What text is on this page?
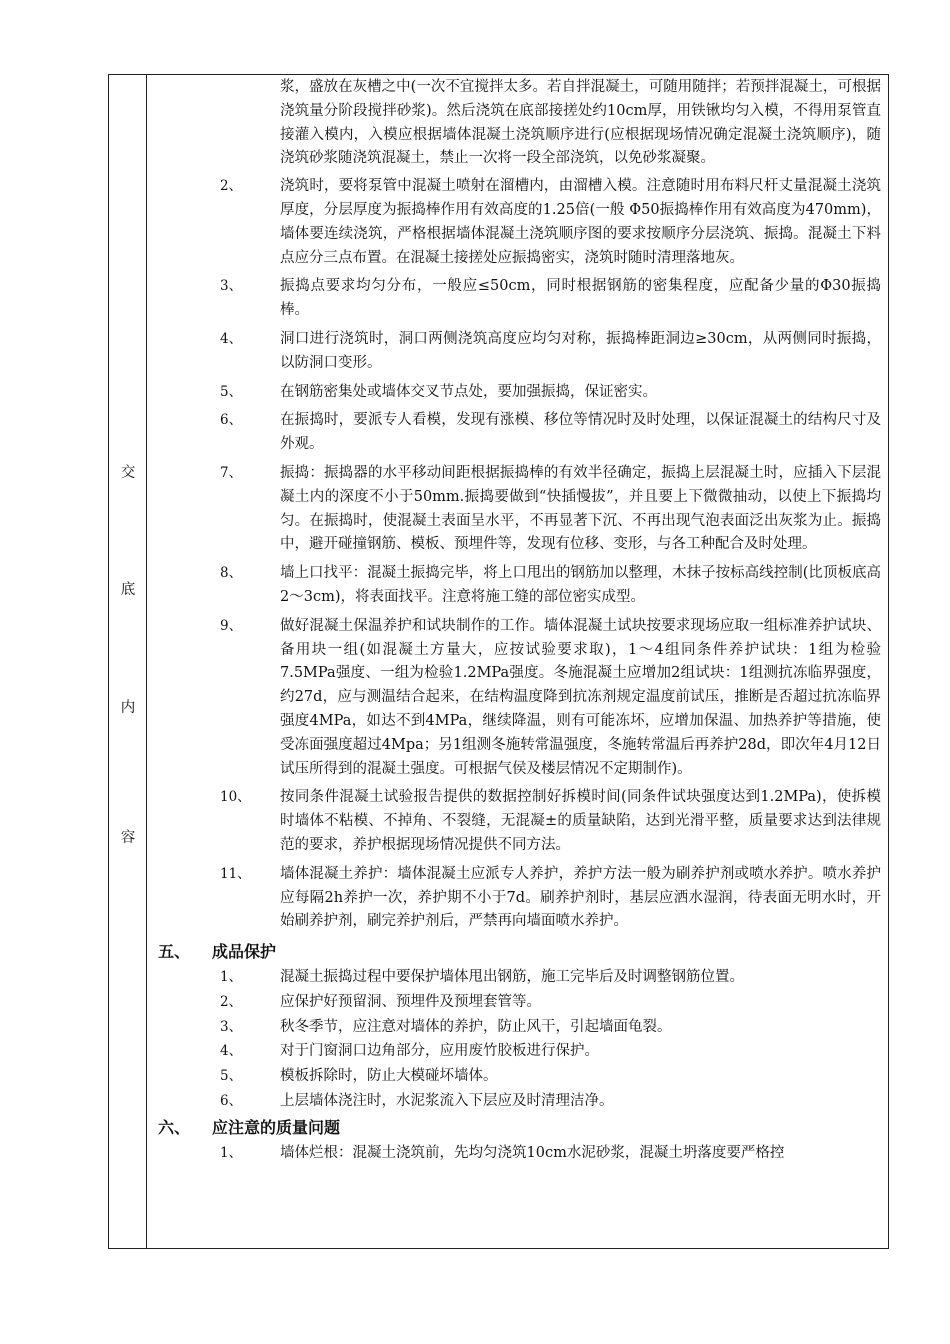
交
底
内
容
浆，盛放在灰槽之中(一次不宜搅拌太多。若自拌混凝土，可随用随拌；若预拌混凝土，可根据浇筑量分阶段搅拌砂浆)。然后浇筑在底部接搓处约10cm厚，用铁锹均匀入模，不得用泵管直接灌入模内，入模应根据墙体混凝土浇筑顺序进行(应根据现场情况确定混凝土浇筑顺序)，随浇筑砂浆随浇筑混凝土，禁止一次将一段全部浇筑，以免砂浆凝聚。
2、	浇筑时，要将泵管中混凝土喷射在溜槽内，由溜槽入模。注意随时用布料尺杆丈量混凝土浇筑厚度，分层厚度为振捣棒作用有效高度的1.25倍(一般 Φ50振捣棒作用有效高度为470mm)，墙体要连续浇筑，严格根据墙体混凝土浇筑顺序图的要求按顺序分层浇筑、振捣。混凝土下料点应分三点布置。在混凝土接搓处应振捣密实，浇筑时随时清理落地灰。
3、	振捣点要求均匀分布，一般应≤50cm，同时根据钢筋的密集程度，应配备少量的Φ30振捣棒。
4、	洞口进行浇筑时，洞口两侧浇筑高度应均匀对称，振捣棒距洞边≥30cm，从两侧同时振捣，以防洞口变形。
5、	在钢筋密集处或墙体交叉节点处，要加强振捣，保证密实。
6、	在振捣时，要派专人看模，发现有涨模、移位等情况时及时处理，以保证混凝土的结构尺寸及外观。
7、	振捣：振捣器的水平移动间距根据振捣棒的有效半径确定，振捣上层混凝土时，应插入下层混凝土内的深度不小于50mm.振捣要做到“快插慢拔”，并且要上下微微抽动，以使上下振捣均匀。在振捣时，使混凝土表面呈水平，不再显著下沉、不再出现气泡表面泛出灰浆为止。振捣中，避开碰撞钢筋、模板、预埋件等，发现有位移、变形，与各工种配合及时处理。
8、	墙上口找平：混凝土振捣完毕，将上口甩出的钢筋加以整理，木抹子按标高线控制(比顶板底高2～3cm)，将表面找平。注意将施工缝的部位密实成型。
9、	做好混凝土保温养护和试块制作的工作。墙体混凝土试块按要求现场应取一组标准养护试块、备用块一组(如混凝土方量大，应按试验要求取)，1～4组同条件养护试块：1组为检验7.5MPa强度、一组为检验1.2MPa强度。冬施混凝土应增加2组试块：1组测抗冻临界强度，约27d，应与测温结合起来，在结构温度降到抗冻剂规定温度前试压，推断是否超过抗冻临界强度4MPa，如达不到4MPa，继续降温，则有可能冻坏，应增加保温、加热养护等措施，使受冻面强度超过4Mpa；另1组测冬施转常温强度，冬施转常温后再养护28d，即次年4月12日试压所得到的混凝土强度。可根据气侯及楼层情况不定期制作)。
10、	按同条件混凝土试验报告提供的数据控制好拆模时间(同条件试块强度达到1.2MPa)，使拆模时墙体不粘模、不掉角、不裂缝，无混凝±的质量缺陷，达到光滑平整，质量要求达到法律规范的要求，养护根据现场情况提供不同方法。
11、	墙体混凝土养护：墙体混凝土应派专人养护，养护方法一般为刷养护剂或喷水养护。喷水养护应每隔2h养护一次，养护期不小于7d。刷养护剂时，基层应洒水湿润，待表面无明水时，开始刷养护剂，刷完养护剂后，严禁再向墙面喷水养护。
五、	成品保护
1、	混凝土振捣过程中要保护墙体甩出钢筋，施工完毕后及时调整钢筋位置。
2、	应保护好预留洞、预埋件及预埋套管等。
3、	秋冬季节，应注意对墙体的养护，防止风干，引起墙面龟裂。
4、	对于门窗洞口边角部分，应用废竹胶板进行保护。
5、	模板拆除时，防止大模碰坏墙体。
6、	上层墙体浇注时，水泥浆流入下层应及时清理洁净。
六、	应注意的质量问题
1、	墙体烂根：混凝土浇筑前，先均匀浇筑10cm水泥砂浆，混凝土坍落度要严格控
